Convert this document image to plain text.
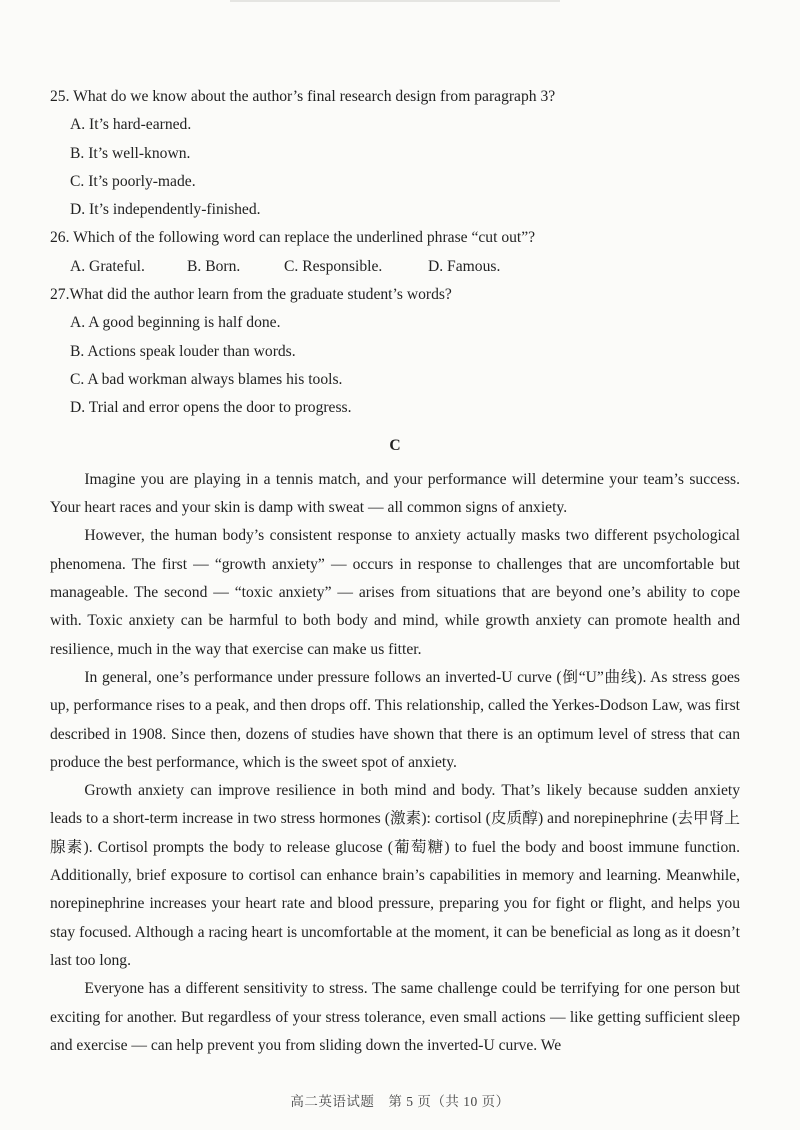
25. What do we know about the author’s final research design from paragraph 3?

A. It’s hard-earned.

B. It’s well-known.

C. It’s poorly-made.

D. It’s independently-finished.

26. Which of the following word can replace the underlined phrase “cut out”?

A. Grateful.	B. Born.	C. Responsible.	D. Famous.

27.What did the author learn from the graduate student’s words?

A. A good beginning is half done.

B. Actions speak louder than words.

C. A bad workman always blames his tools.

D. Trial and error opens the door to progress.

C

Imagine you are playing in a tennis match, and your performance will determine your team’s success. Your heart races and your skin is damp with sweat — all common signs of anxiety.

However, the human body’s consistent response to anxiety actually masks two different psychological phenomena. The first — “growth anxiety” — occurs in response to challenges that are uncomfortable but manageable. The second — “toxic anxiety” — arises from situations that are beyond one’s ability to cope with. Toxic anxiety can be harmful to both body and mind, while growth anxiety can promote health and resilience, much in the way that exercise can make us fitter.

In general, one’s performance under pressure follows an inverted-U curve (倒“U”曲线). As stress goes up, performance rises to a peak, and then drops off. This relationship, called the Yerkes-Dodson Law, was first described in 1908. Since then, dozens of studies have shown that there is an optimum level of stress that can produce the best performance, which is the sweet spot of anxiety.

Growth anxiety can improve resilience in both mind and body. That’s likely because sudden anxiety leads to a short-term increase in two stress hormones (激素): cortisol (皮质醇) and norepinephrine (去甲肾上腺素). Cortisol prompts the body to release glucose (葡萄糖) to fuel the body and boost immune function. Additionally, brief exposure to cortisol can enhance brain’s capabilities in memory and learning. Meanwhile, norepinephrine increases your heart rate and blood pressure, preparing you for fight or flight, and helps you stay focused. Although a racing heart is uncomfortable at the moment, it can be beneficial as long as it doesn’t last too long.

Everyone has a different sensitivity to stress. The same challenge could be terrifying for one person but exciting for another. But regardless of your stress tolerance, even small actions — like getting sufficient sleep and exercise — can help prevent you from sliding down the inverted-U curve. We

高二英语试题　第 5 页（共 10 页）
